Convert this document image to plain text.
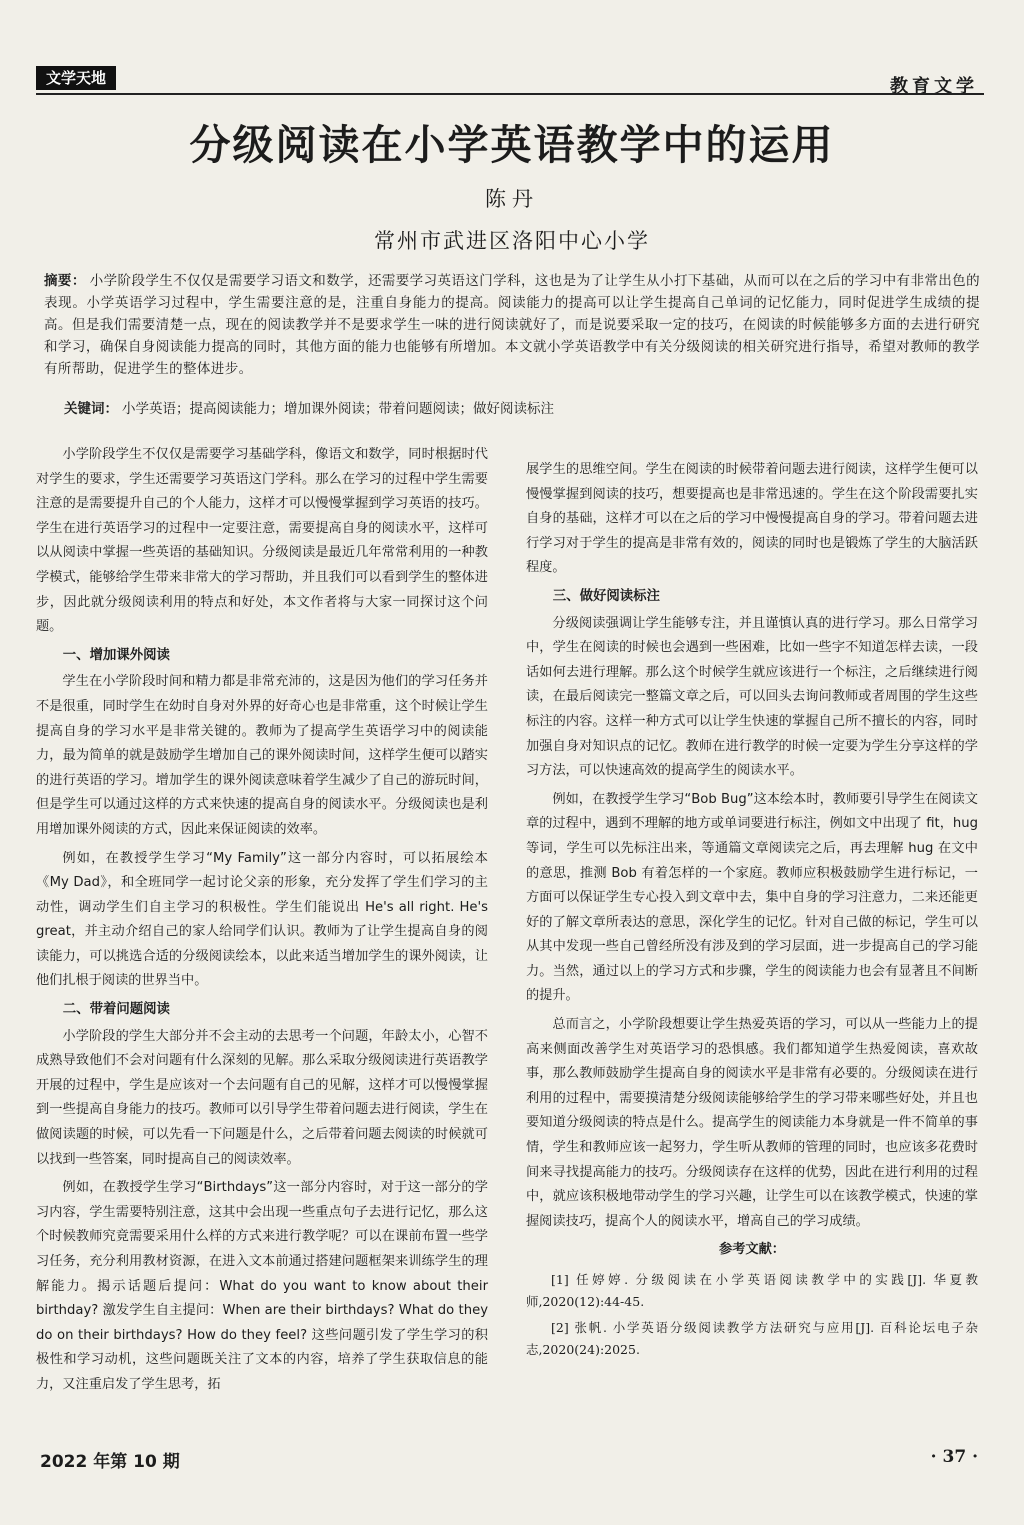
文学天地	教育文学
分级阅读在小学英语教学中的运用
陈丹
常州市武进区洛阳中心小学
摘要： 小学阶段学生不仅仅是需要学习语文和数学，还需要学习英语这门学科，这也是为了让学生从小打下基础，从而可以在之后的学习中有非常出色的表现。小学英语学习过程中，学生需要注意的是，注重自身能力的提高。阅读能力的提高可以让学生提高自己单词的记忆能力，同时促进学生成绩的提高。但是我们需要清楚一点，现在的阅读教学并不是要求学生一味的进行阅读就好了，而是说要采取一定的技巧，在阅读的时候能够多方面的去进行研究和学习，确保自身阅读能力提高的同时，其他方面的能力也能够有所增加。本文就小学英语教学中有关分级阅读的相关研究进行指导，希望对教师的教学有所帮助，促进学生的整体进步。
关键词： 小学英语；提高阅读能力；增加课外阅读；带着问题阅读；做好阅读标注

小学阶段学生不仅仅是需要学习基础学科，像语文和数学，同时根据时代对学生的要求，学生还需要学习英语这门学科。那么在学习的过程中学生需要注意的是需要提升自己的个人能力，这样才可以慢慢掌握到学习英语的技巧。学生在进行英语学习的过程中一定要注意，需要提高自身的阅读水平，这样可以从阅读中掌握一些英语的基础知识。分级阅读是最近几年常常利用的一种教学模式，能够给学生带来非常大的学习帮助，并且我们可以看到学生的整体进步，因此就分级阅读利用的特点和好处，本文作者将与大家一同探讨这个问题。

一、增加课外阅读

学生在小学阶段时间和精力都是非常充沛的，这是因为他们的学习任务并不是很重，同时学生在幼时自身对外界的好奇心也是非常重，这个时候让学生提高自身的学习水平是非常关键的。教师为了提高学生英语学习中的阅读能力，最为简单的就是鼓励学生增加自己的课外阅读时间，这样学生便可以踏实的进行英语的学习。增加学生的课外阅读意味着学生减少了自己的游玩时间，但是学生可以通过这样的方式来快速的提高自身的阅读水平。分级阅读也是利用增加课外阅读的方式，因此来保证阅读的效率。

例如，在教授学生学习“My Family”这一部分内容时，可以拓展绘本《My Dad》，和全班同学一起讨论父亲的形象，充分发挥了学生们学习的主动性，调动学生们自主学习的积极性。学生们能说出 He's all right. He's great，并主动介绍自己的家人给同学们认识。教师为了让学生提高自身的阅读能力，可以挑选合适的分级阅读绘本，以此来适当增加学生的课外阅读，让他们扎根于阅读的世界当中。

二、带着问题阅读

小学阶段的学生大部分并不会主动的去思考一个问题，年龄太小，心智不成熟导致他们不会对问题有什么深刻的见解。那么采取分级阅读进行英语教学开展的过程中，学生是应该对一个去问题有自己的见解，这样才可以慢慢掌握到一些提高自身能力的技巧。教师可以引导学生带着问题去进行阅读，学生在做阅读题的时候，可以先看一下问题是什么，之后带着问题去阅读的时候就可以找到一些答案，同时提高自己的阅读效率。

例如，在教授学生学习“Birthdays”这一部分内容时，对于这一部分的学习内容，学生需要特别注意，这其中会出现一些重点句子去进行记忆，那么这个时候教师究竟需要采用什么样的方式来进行教学呢？可以在课前布置一些学习任务，充分利用教材资源，在进入文本前通过搭建问题框架来训练学生的理解能力。揭示话题后提问：What do you want to know about their birthday? 激发学生自主提问：When are their birthdays? What do they do on their birthdays? How do they feel? 这些问题引发了学生学习的积极性和学习动机，这些问题既关注了文本的内容，培养了学生获取信息的能力，又注重启发了学生思考，拓

展学生的思维空间。学生在阅读的时候带着问题去进行阅读，这样学生便可以慢慢掌握到阅读的技巧，想要提高也是非常迅速的。学生在这个阶段需要扎实自身的基础，这样才可以在之后的学习中慢慢提高自身的学习。带着问题去进行学习对于学生的提高是非常有效的，阅读的同时也是锻炼了学生的大脑活跃程度。

三、做好阅读标注

分级阅读强调让学生能够专注，并且谨慎认真的进行学习。那么日常学习中，学生在阅读的时候也会遇到一些困难，比如一些字不知道怎样去读，一段话如何去进行理解。那么这个时候学生就应该进行一个标注，之后继续进行阅读，在最后阅读完一整篇文章之后，可以回头去询问教师或者周围的学生这些标注的内容。这样一种方式可以让学生快速的掌握自己所不擅长的内容，同时加强自身对知识点的记忆。教师在进行教学的时候一定要为学生分享这样的学习方法，可以快速高效的提高学生的阅读水平。

例如，在教授学生学习“Bob Bug”这本绘本时，教师要引导学生在阅读文章的过程中，遇到不理解的地方或单词要进行标注，例如文中出现了 fit，hug 等词，学生可以先标注出来，等通篇文章阅读完之后，再去理解 hug 在文中的意思，推测 Bob 有着怎样的一个家庭。教师应积极鼓励学生进行标记，一方面可以保证学生专心投入到文章中去，集中自身的学习注意力，二来还能更好的了解文章所表达的意思，深化学生的记忆。针对自己做的标记，学生可以从其中发现一些自己曾经所没有涉及到的学习层面，进一步提高自己的学习能力。当然，通过以上的学习方式和步骤，学生的阅读能力也会有显著且不间断的提升。

总而言之，小学阶段想要让学生热爱英语的学习，可以从一些能力上的提高来侧面改善学生对英语学习的恐惧感。我们都知道学生热爱阅读，喜欢故事，那么教师鼓励学生提高自身的阅读水平是非常有必要的。分级阅读在进行利用的过程中，需要摸清楚分级阅读能够给学生的学习带来哪些好处，并且也要知道分级阅读的特点是什么。提高学生的阅读能力本身就是一件不简单的事情，学生和教师应该一起努力，学生听从教师的管理的同时，也应该多花费时间来寻找提高能力的技巧。分级阅读存在这样的优势，因此在进行利用的过程中，就应该积极地带动学生的学习兴趣，让学生可以在该教学模式，快速的掌握阅读技巧，提高个人的阅读水平，增高自己的学习成绩。

参考文献：

[1] 任婷婷. 分级阅读在小学英语阅读教学中的实践[J]. 华夏教师,2020(12):44-45.

[2] 张帆. 小学英语分级阅读教学方法研究与应用[J]. 百科论坛电子杂志,2020(24):2025.

2022 年第 10 期	· 37 ·
